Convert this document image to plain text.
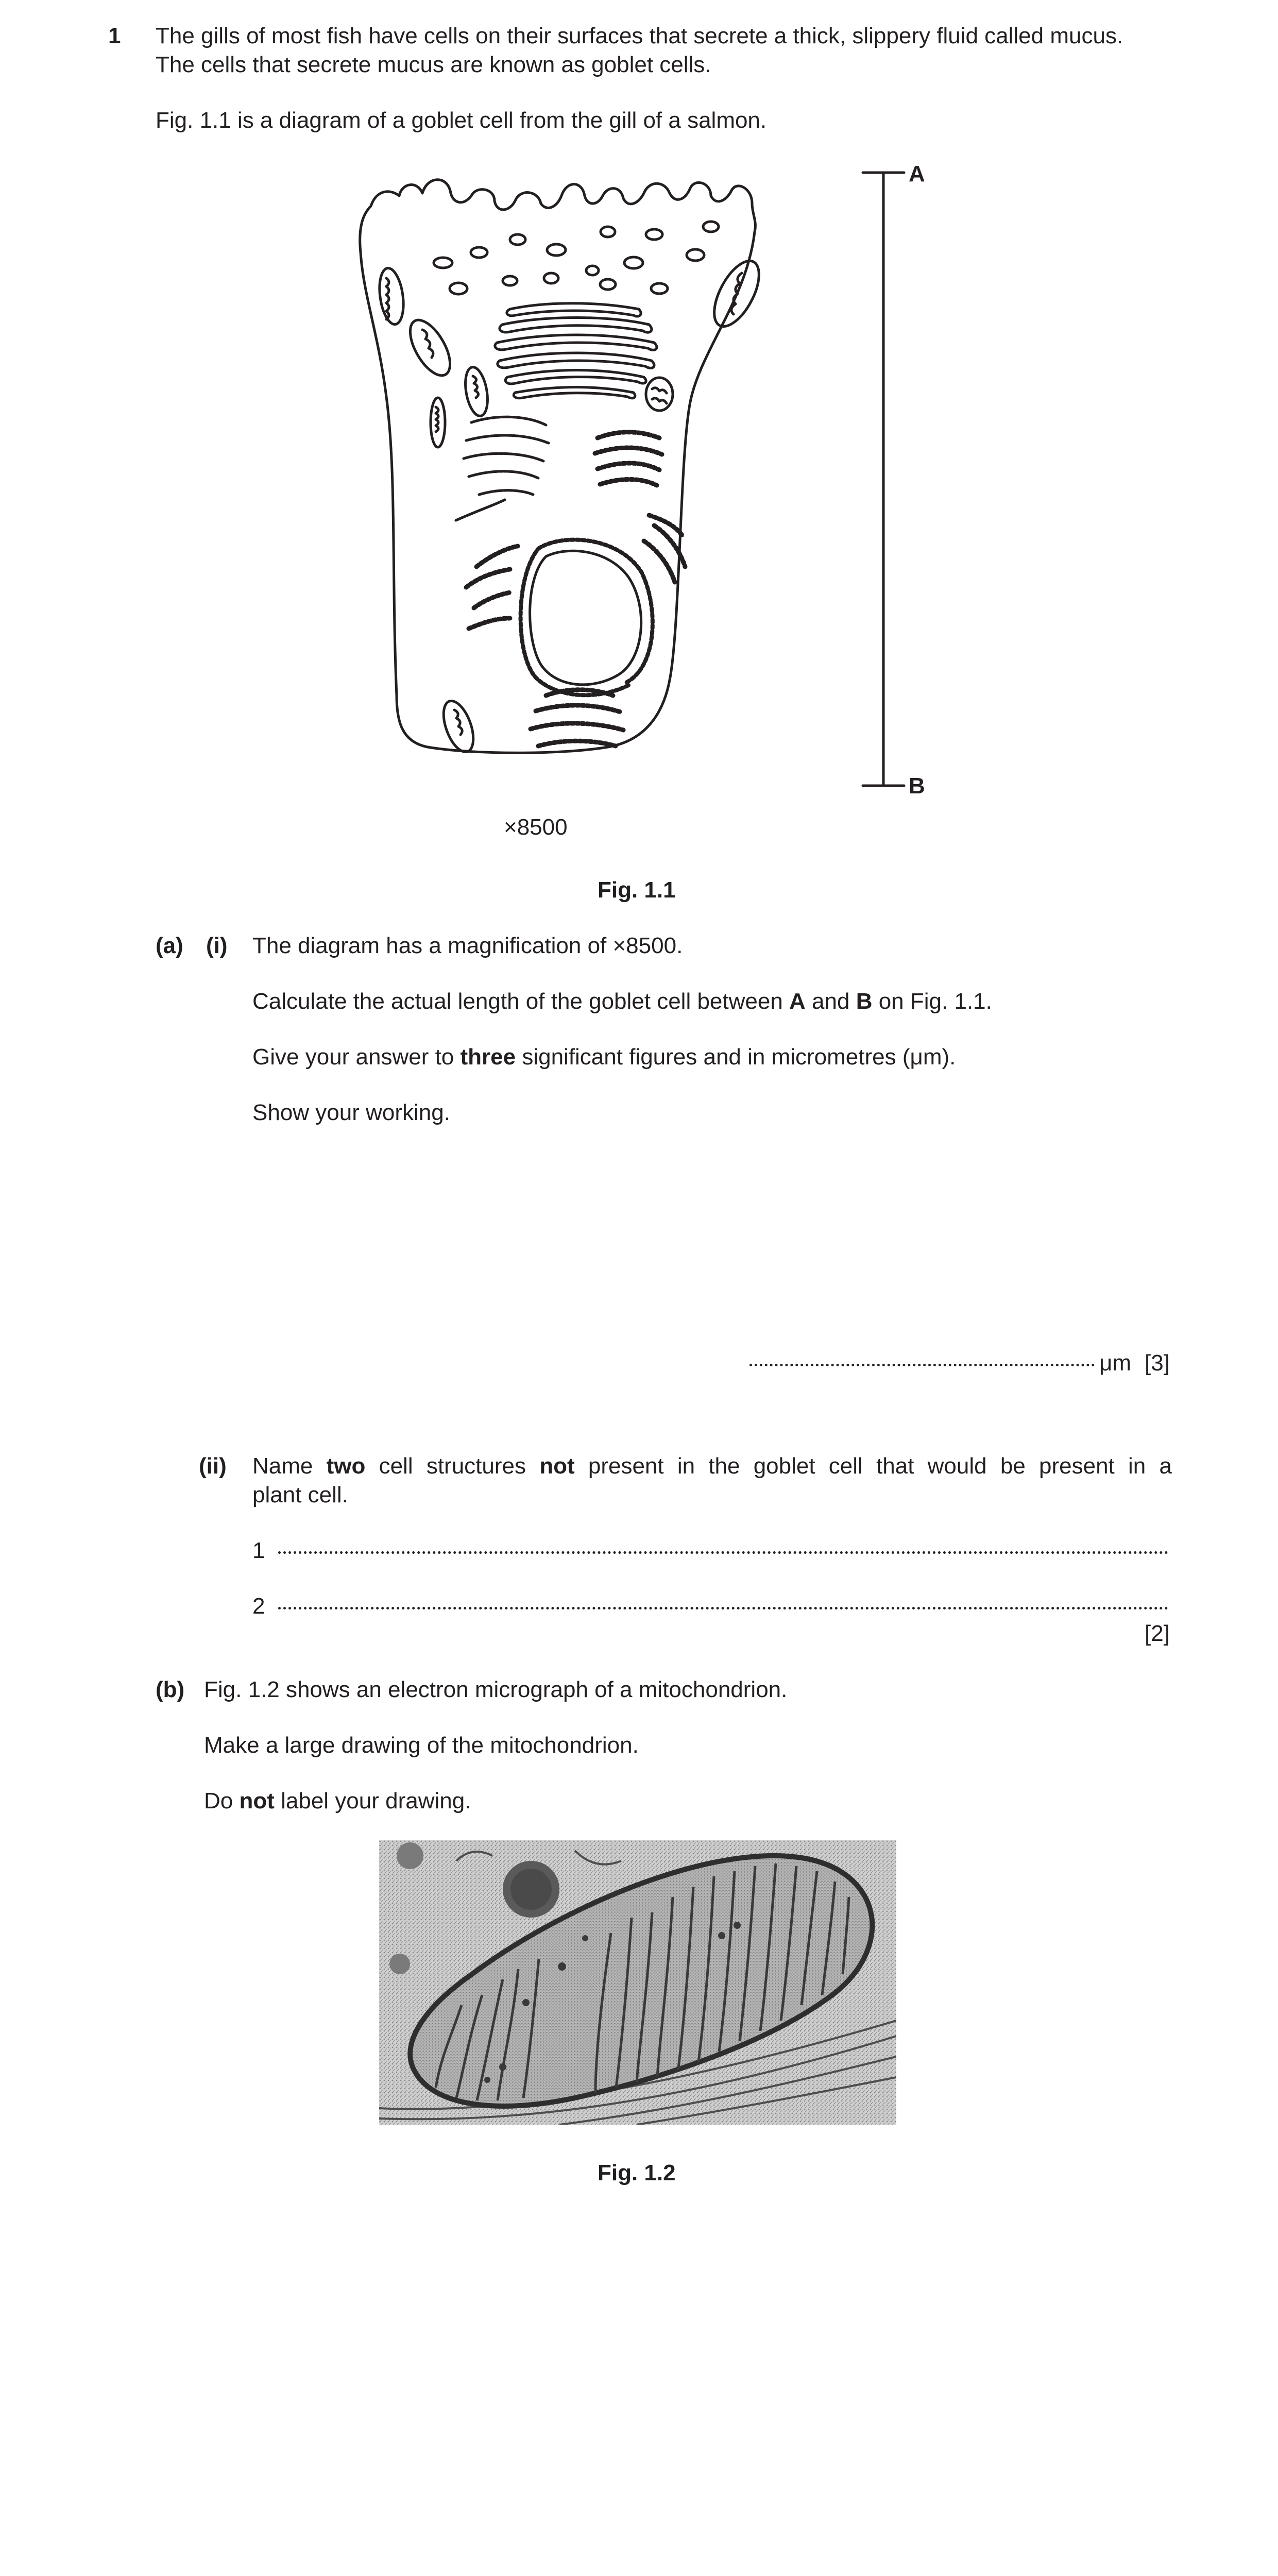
1 The gills of most fish have cells on their surfaces that secrete a thick, slippery fluid called mucus.
The cells that secrete mucus are known as goblet cells.
Fig. 1.1 is a diagram of a goblet cell from the gill of a salmon.
A
B
×8500
Fig. 1.1
(a) (i) The diagram has a magnification of ×8500.
Calculate the actual length of the goblet cell between A and B on Fig. 1.1.
Give your answer to three significant figures and in micrometres (μm).
Show your working.
μm [3]
(ii) Name two cell structures not present in the goblet cell that would be present in a
plant cell.
1
2
[2]
(b) Fig. 1.2 shows an electron micrograph of a mitochondrion.
Make a large drawing of the mitochondrion.
Do not label your drawing.
Fig. 1.2
